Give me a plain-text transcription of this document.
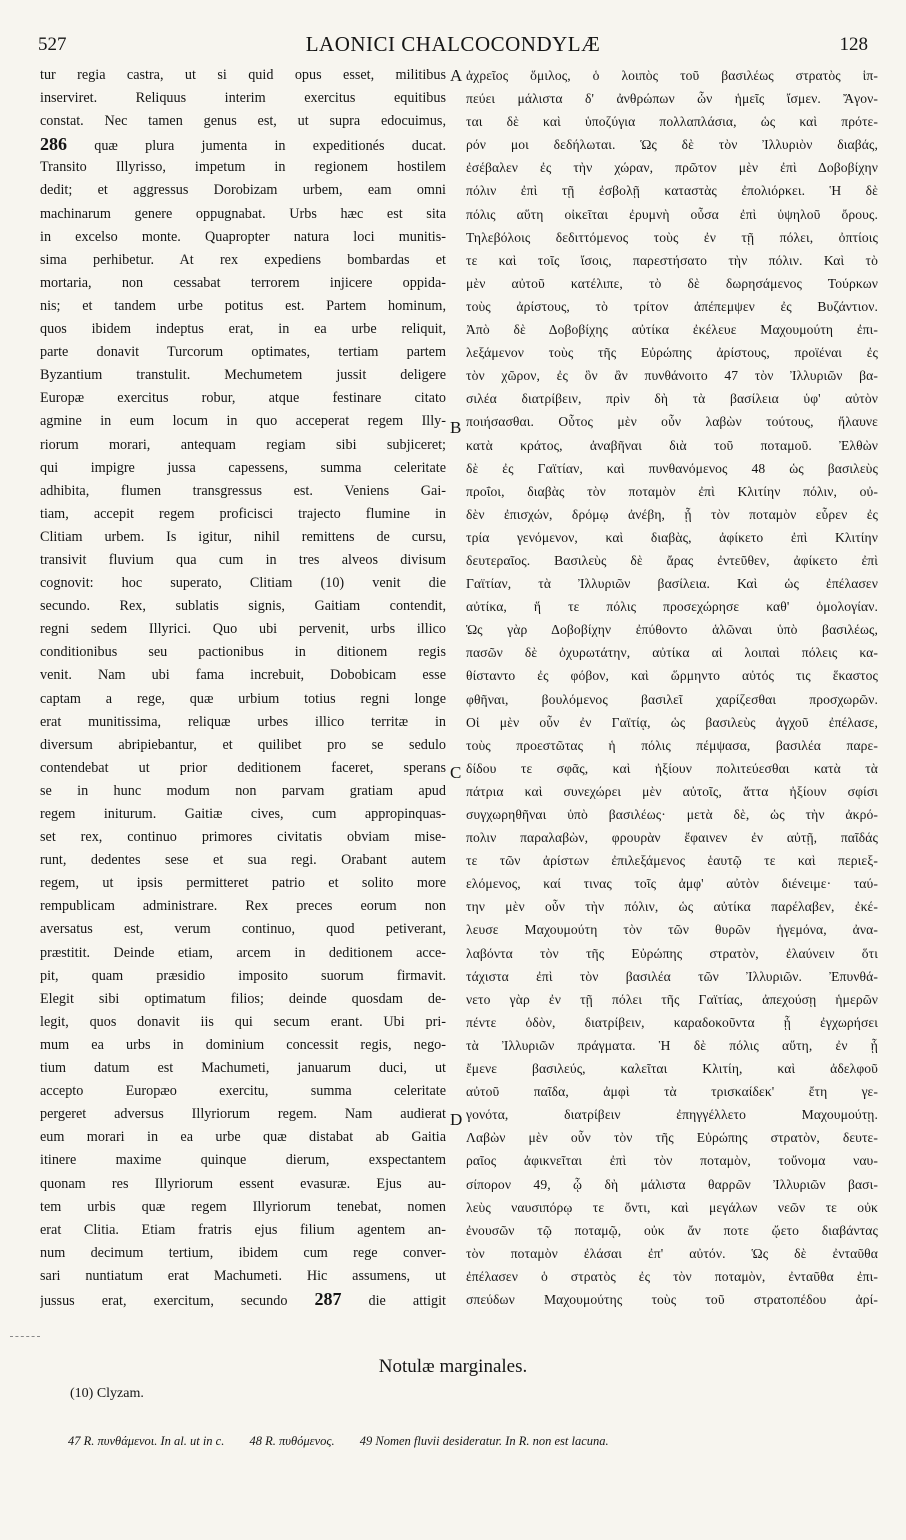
527	LAONICI CHALCOCONDYLÆ	128
tur regia castra, ut si quid opus esset, militibus
inserviret. Reliquus interim exercitus equitibus
constat. Nec tamen genus est, ut supra edocuimus,
286 quæ plura jumenta in expeditionés ducat.
Transito Illyrisso, impetum in regionem hostilem
dedit; et aggressus Dorobizam urbem, eam omni
machinarum genere oppugnabat. Urbs hæc est sita
in excelso monte. Quapropter natura loci munitis-
sima perhibetur. At rex expediens bombardas et
mortaria, non cessabat terrorem injicere oppida-
nis; et tandem urbe potitus est. Partem hominum,
quos ibidem indeptus erat, in ea urbe reliquit,
parte donavit Turcorum optimates, tertiam partem
Byzantium transtulit. Mechumetem jussit deligere
Europæ exercitus robur, atque festinare citato
agmine in eum locum in quo acceperat regem Illy-
riorum morari, antequam regiam sibi subjiceret;
qui impigre jussa capessens, summa celeritate
adhibita, flumen transgressus est. Veniens Gai-
tiam, accepit regem proficisci trajecto flumine in
Clitiam urbem. Is igitur, nihil remittens de cursu,
transivit fluvium qua cum in tres alveos divisum
cognovit: hoc superato, Clitiam (10) venit die
secundo. Rex, sublatis signis, Gaitiam contendit,
regni sedem Illyrici. Quo ubi pervenit, urbs illico
conditionibus seu pactionibus in ditionem regis
venit. Nam ubi fama increbuit, Dobobicam esse
captam a rege, quæ urbium totius regni longe
erat munitissima, reliquæ urbes illico territæ in
diversum abripiebantur, et quilibet pro se sedulo
contendebat ut prior deditionem faceret, sperans
se in hunc modum non parvam gratiam apud
regem initurum. Gaitiæ cives, cum appropinquas-
set rex, continuo primores civitatis obviam mise-
runt, dedentes sese et sua regi. Orabant autem
regem, ut ipsis permitteret patrio et solito more
rempublicam administrare. Rex preces eorum non
aversatus est, verum continuo, quod petiverant,
præstitit. Deinde etiam, arcem in deditionem acce-
pit, quam præsidio imposito suorum firmavit.
Elegit sibi optimatum filios; deinde quosdam de-
legit, quos donavit iis qui secum erant. Ubi pri-
mum ea urbs in dominium concessit regis, nego-
tium datum est Machumeti, januarum duci, ut
accepto Europæo exercitu, summa celeritate
pergeret adversus Illyriorum regem. Nam audierat
eum morari in ea urbe quæ distabat ab Gaitia
itinere maxime quinque dierum, exspectantem
quonam res Illyriorum essent evasuræ. Ejus au-
tem urbis quæ regem Illyriorum tenebat, nomen
erat Clitia. Etiam fratris ejus filium agentem an-
num decimum tertium, ibidem cum rege conver-
sari nuntiatum erat Machumeti. Hic assumens, ut
jussus erat, exercitum, secundo 287 die attigit
ἀχρεῖος ὅμιλος, ὁ λοιπὸς τοῦ βασιλέως στρατὸς ἱπ-
πεύει μάλιστα δ' ἀνθρώπων ὧν ἡμεῖς ἴσμεν. Ἄγον-
ται δὲ καὶ ὑποζύγια πολλαπλάσια, ὡς καὶ πρότε-
ρόν μοι δεδήλωται. Ὡς δὲ τὸν Ἰλλυριὸν διαβάς,
ἐσέβαλεν ἐς τὴν χώραν, πρῶτον μὲν ἐπὶ Δοβοβίχην
πόλιν ἐπὶ τῇ ἐσβολῇ καταστὰς ἐπολιόρκει. Ἡ δὲ
πόλις αὕτη οἰκεῖται ἐρυμνὴ οὖσα ἐπὶ ὑψηλοῦ ὄρους.
Τηλεβόλοις δεδιττόμενος τοὺς ἐν τῇ πόλει, ὀπτίοις
τε καὶ τοῖς ἴσοις, παρεστήσατο τὴν πόλιν. Καὶ τὸ
μὲν αὐτοῦ κατέλιπε, τὸ δὲ δωρησάμενος Τούρκων
τοὺς ἀρίστους, τὸ τρίτον ἀπέπεμψεν ἐς Βυζάντιον.
Ἀπὸ δὲ Δοβοβίχης αὐτίκα ἐκέλευε Μαχουμούτη ἐπι-
λεξάμενον τοὺς τῆς Εὐρώπης ἀρίστους, προϊέναι ἐς
τὸν χῶρον, ἐς ὃν ἂν πυνθάνοιτο 47 τὸν Ἰλλυριῶν βα-
σιλέα διατρίβειν, πρὶν δὴ τὰ βασίλεια ὑφ' αὐτὸν
ποιήσασθαι. Οὗτος μὲν οὖν λαβὼν τούτους, ἤλαυνε
κατὰ κράτος, ἀναβῆναι διὰ τοῦ ποταμοῦ. Ἐλθὼν
δὲ ἐς Γαϊτίαν, καὶ πυνθανόμενος 48 ὡς βασιλεὺς
προΐοι, διαβὰς τὸν ποταμὸν ἐπὶ Κλιτίην πόλιν, οὐ-
δὲν ἐπισχών, δρόμῳ ἀνέβη, ᾗ τὸν ποταμὸν εὗρεν ἐς
τρία γενόμενον, καὶ διαβὰς, ἀφίκετο ἐπὶ Κλιτίην
δευτεραῖος. Βασιλεὺς δὲ ἄρας ἐντεῦθεν, ἀφίκετο ἐπὶ
Γαϊτίαν, τὰ Ἰλλυριῶν βασίλεια. Καὶ ὡς ἐπέλασεν
αὐτίκα, ἥ τε πόλις προσεχώρησε καθ' ὁμολογίαν.
Ὡς γὰρ Δοβοβίχην ἐπύθοντο ἁλῶναι ὑπὸ βασιλέως,
πασῶν δὲ ὀχυρωτάτην, αὐτίκα αἱ λοιπαὶ πόλεις κα-
θίσταντο ἐς φόβον, καὶ ὥρμηντο αὐτός τις ἕκαστος
φθῆναι, βουλόμενος βασιλεῖ χαρίζεσθαι προσχωρῶν.
Οἱ μὲν οὖν ἐν Γαϊτίᾳ, ὡς βασιλεὺς ἀγχοῦ ἐπέλασε,
τοὺς προεστῶτας ἡ πόλις πέμψασα, βασιλέα παρε-
δίδου τε σφᾶς, καὶ ἠξίουν πολιτεύεσθαι κατὰ τὰ
πάτρια καὶ συνεχώρει μὲν αὐτοῖς, ἅττα ἠξίουν σφίσι
συγχωρηθῆναι ὑπὸ βασιλέως· μετὰ δὲ, ὡς τὴν ἀκρό-
πολιν παραλαβὼν, φρουρὰν ἔφαινεν ἐν αὐτῇ, παῖδάς
τε τῶν ἀρίστων ἐπιλεξάμενος ἑαυτῷ τε καὶ περιεξ-
ελόμενος, καί τινας τοῖς ἀμφ' αὐτὸν διένειμε· ταύ-
την μὲν οὖν τὴν πόλιν, ὡς αὐτίκα παρέλαβεν, ἐκέ-
λευσε Μαχουμούτη τὸν τῶν θυρῶν ἡγεμόνα, ἀνα-
λαβόντα τὸν τῆς Εὐρώπης στρατὸν, ἐλαύνειν ὅτι
τάχιστα ἐπὶ τὸν βασιλέα τῶν Ἰλλυριῶν. Ἐπυνθά-
νετο γὰρ ἐν τῇ πόλει τῆς Γαϊτίας, ἀπεχούσῃ ἡμερῶν
πέντε ὁδὸν, διατρίβειν, καραδοκοῦντα ᾗ ἐγχωρήσει
τὰ Ἰλλυριῶν πράγματα. Ἡ δὲ πόλις αὕτη, ἐν ᾗ
ἔμενε βασιλεύς, καλεῖται Κλιτίη, καὶ ἀδελφοῦ
αὐτοῦ παῖδα, ἀμφὶ τὰ τρισκαίδεκ' ἔτη γε-
γονότα, διατρίβειν ἐπηγγέλλετο Μαχουμούτῃ.
Λαβὼν μὲν οὖν τὸν τῆς Εὐρώπης στρατὸν, δευτε-
ραῖος ἀφικνεῖται ἐπὶ τὸν ποταμὸν, τοὔνομα ναυ-
σίπορον 49, ᾧ δὴ μάλιστα θαρρῶν Ἰλλυριῶν βασι-
λεὺς ναυσιπόρῳ τε ὄντι, καὶ μεγάλων νεῶν τε οὐκ
ἐνουσῶν τῷ ποταμῷ, οὐκ ἄν ποτε ᾤετο διαβάντας
τὸν ποταμὸν ἐλάσαι ἐπ' αὐτόν. Ὡς δὲ ἐνταῦθα
ἐπέλασεν ὁ στρατὸς ἐς τὸν ποταμὸν, ἐνταῦθα ἐπι-
σπεύδων Μαχουμούτης τοὺς τοῦ στρατοπέδου ἀρί-
A
B
C
D
Notulæ marginales.
(10) Clyzam.
47 R. πυνθάμενοι. In al. ut in c. 48 R. πυθόμενος. 49 Nomen fluvii desideratur. In R. non est lacuna.
